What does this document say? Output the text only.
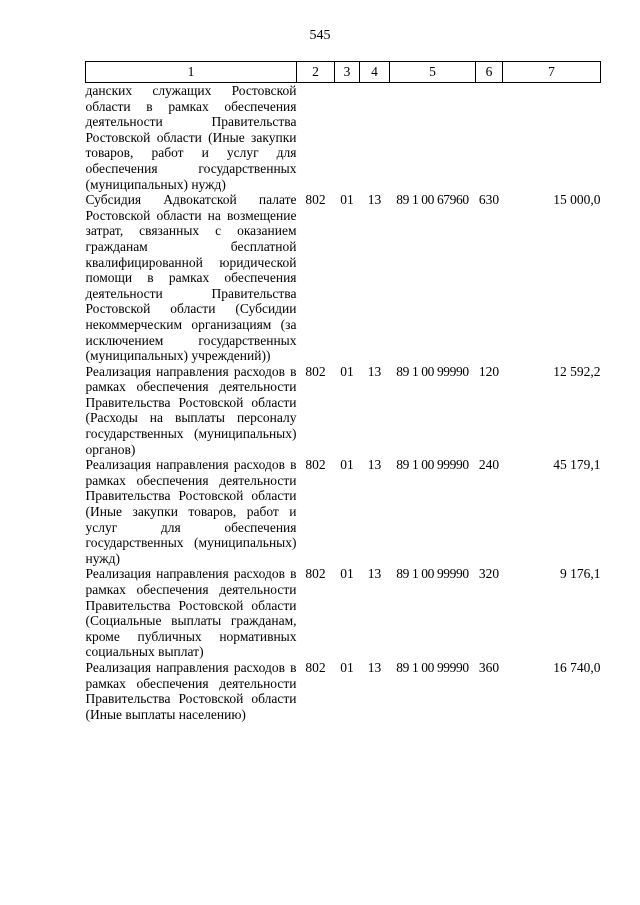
545
1	2	3	4	5	6	7
данских служащих Ростовской области в рамках обеспечения деятельности Правительства Ростовской области (Иные закупки товаров, работ и услуг для обеспечения государственных (муниципальных) нужд)						
Субсидия Адвокатской палате Ростовской области на возмещение затрат, связанных с оказанием гражданам бесплатной квалифицированной юридической помощи в рамках обеспечения деятельности Правительства Ростовской области (Субсидии некоммерческим организациям (за исключением государственных (муниципальных) учреждений))	802	01	13	89 1 00 67960	630	15 000,0
Реализация направления расходов в рамках обеспечения деятельности Правительства Ростовской области (Расходы на выплаты персоналу государственных (муниципальных) органов)	802	01	13	89 1 00 99990	120	12 592,2
Реализация направления расходов в рамках обеспечения деятельности Правительства Ростовской области (Иные закупки товаров, работ и услуг для обеспечения государственных (муниципальных) нужд)	802	01	13	89 1 00 99990	240	45 179,1
Реализация направления расходов в рамках обеспечения деятельности Правительства Ростовской области (Социальные выплаты гражданам, кроме публичных нормативных социальных выплат)	802	01	13	89 1 00 99990	320	9 176,1
Реализация направления расходов в рамках обеспечения деятельности Правительства Ростовской области (Иные выплаты населению)	802	01	13	89 1 00 99990	360	16 740,0
